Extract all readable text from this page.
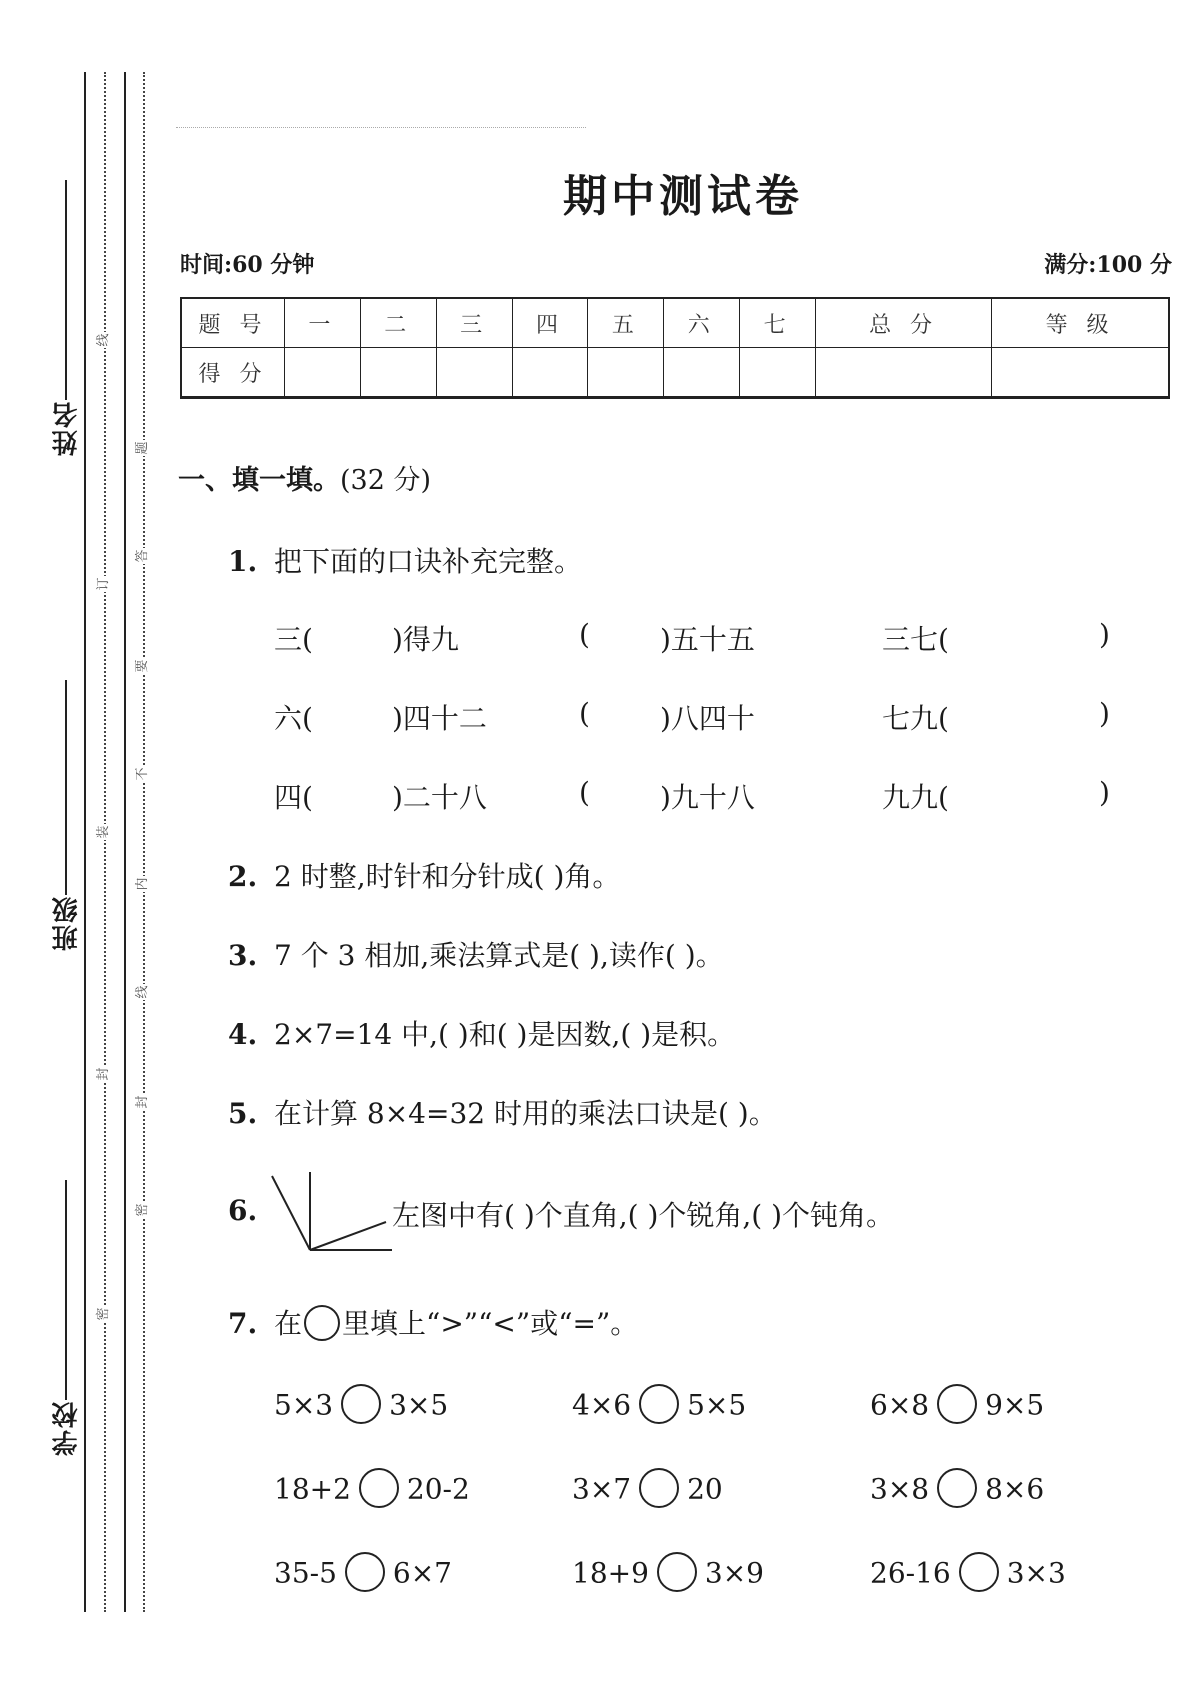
姓名
班级
学校
线
订
装
封
密
题
答
要
不
内
线
封
密
期中测试卷
时间:60 分钟	满分:100 分
题 号	一	二	三	四	五	六	七	总 分	等 级
得 分									
一、填一填。(32 分)
1. 把下面的口诀补充完整。
三(	)得九	(	)五十五	三七(	)
六(	)四十二	(	)八四十	七九(	)
四(	)二十八	(	)九十八	九九(	)
2. 2 时整,时针和分针成( )角。
3. 7 个 3 相加,乘法算式是( ),读作( )。
4. 2×7=14 中,( )和( )是因数,( )是积。
5. 在计算 8×4=32 时用的乘法口诀是( )。
6.	左图中有( )个直角,( )个锐角,( )个钝角。
7. 在 里填上“>”“<”或“=”。
5×3 3×5	4×6 5×5	6×8 9×5
18+2 20-2	3×7 20	3×8 8×6
35-5 6×7	18+9 3×9	26-16 3×3
